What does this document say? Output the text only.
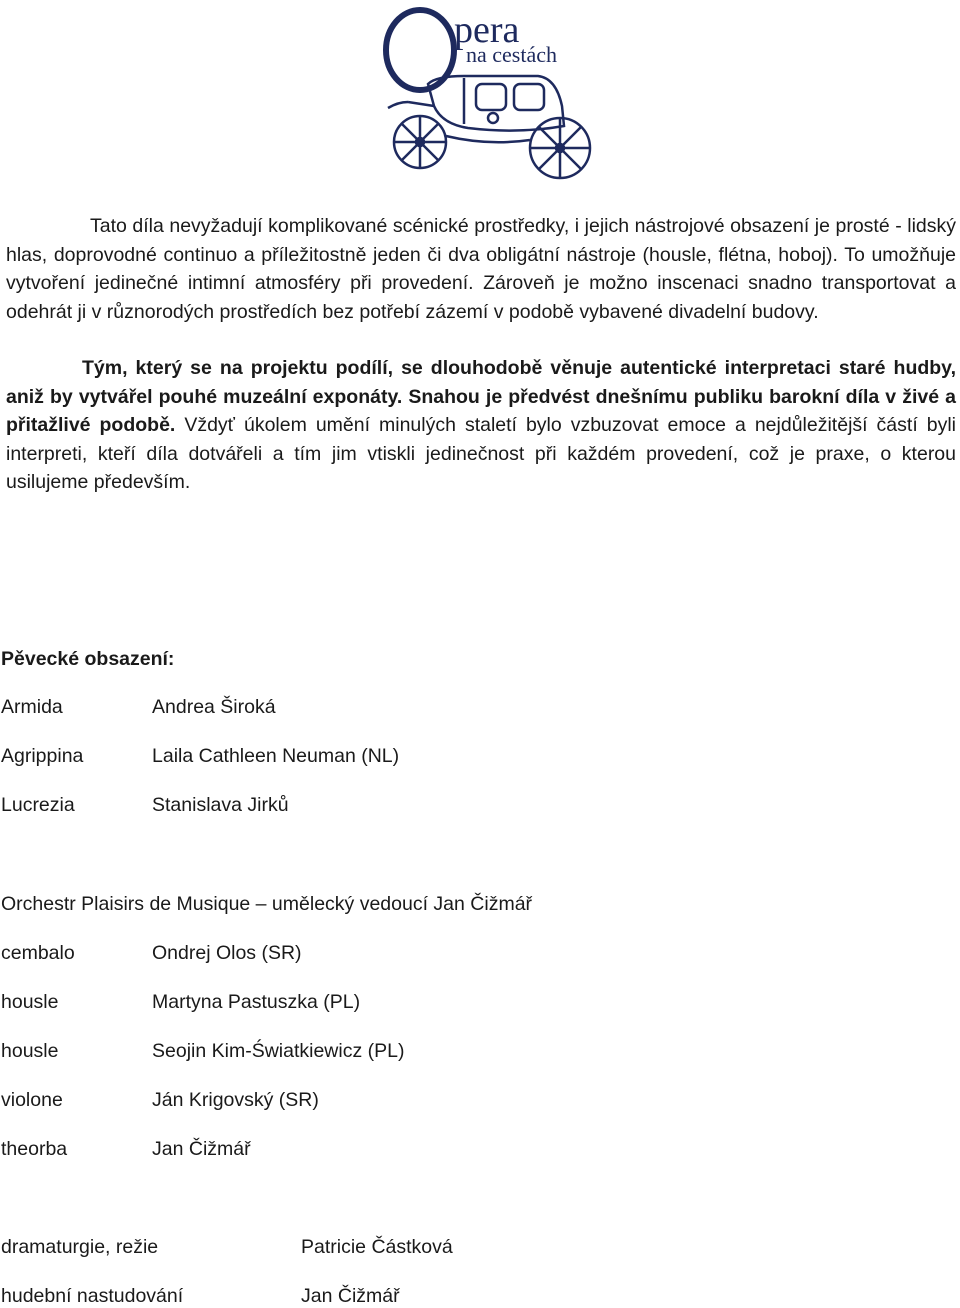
pera
na cestách

Tato díla nevyžadují komplikované scénické prostředky, i jejich nástrojové obsazení je prosté - lidský hlas, doprovodné continuo a příležitostně jeden či dva obligátní nástroje (housle, flétna, hoboj). To umožňuje vytvoření jedinečné intimní atmosféry při provedení. Zároveň je možno inscenaci snadno transportovat a odehrát ji v různorodých prostředích bez potřebí zázemí v podobě vybavené divadelní budovy.

Tým, který se na projektu podílí, se dlouhodobě věnuje autentické interpretaci staré hudby, aniž by vytvářel pouhé muzeální exponáty. Snahou je předvést dnešnímu publiku barokní díla v živé a přitažlivé podobě. Vždyť úkolem umění minulých staletí bylo vzbuzovat emoce a nejdůležitější částí byli interpreti, kteří díla dotvářeli a tím jim vtiskli jedinečnost při každém provedení, což je praxe, o kterou usilujeme především.

Pěvecké obsazení:
Armida	Andrea Široká
Agrippina	Laila Cathleen Neuman (NL)
Lucrezia	Stanislava Jirků
Orchestr Plaisirs de Musique – umělecký vedoucí Jan Čižmář
cembalo	Ondrej Olos (SR)
housle	Martyna Pastuszka (PL)
housle	Seojin Kim-Światkiewicz (PL)
violone	Ján Krigovský (SR)
theorba	Jan Čižmář
dramaturgie, režie	Patricie Částková
hudební nastudování	Jan Čižmář
